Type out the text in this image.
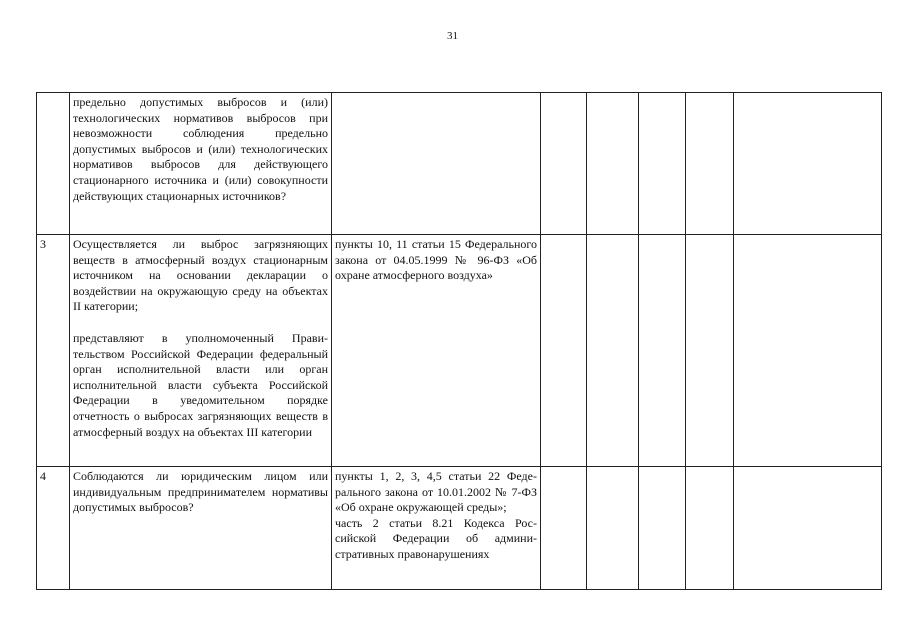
31
	предельно допустимых выбросов и (или) технологических нормативов выбросов при невозможности соблюдения предельно допустимых выбросов и (или) технологических нормативов выбросов для действующего стационарного источника и (или) совокупности действующих стационарных источников?						
3	Осуществляется ли выброс загрязняющих веществ в атмосферный воздух стационарным источником на основании декларации о воздействии на окружающую среду на объектах II категории;
представляют в уполномоченный Правительством Российской Федерации федеральный орган исполнительной власти или орган исполнительной власти субъекта Российской Федерации в уведомительном порядке отчетность о выбросах загрязняющих веществ в атмосферный воздух на объектах III категории	пункты 10, 11 статьи 15 Федерального закона от 04.05.1999 № 96-ФЗ «Об охране атмосферного воздуха»					
4	Соблюдаются ли юридическим лицом или индивидуальным предпринимателем нормативы допустимых выбросов?	пункты 1, 2, 3, 4,5 статьи 22 Федерального закона от 10.01.2002 № 7-ФЗ «Об охране окружающей среды»;
часть 2 статьи 8.21 Кодекса Российской Федерации об административных правонарушениях					
